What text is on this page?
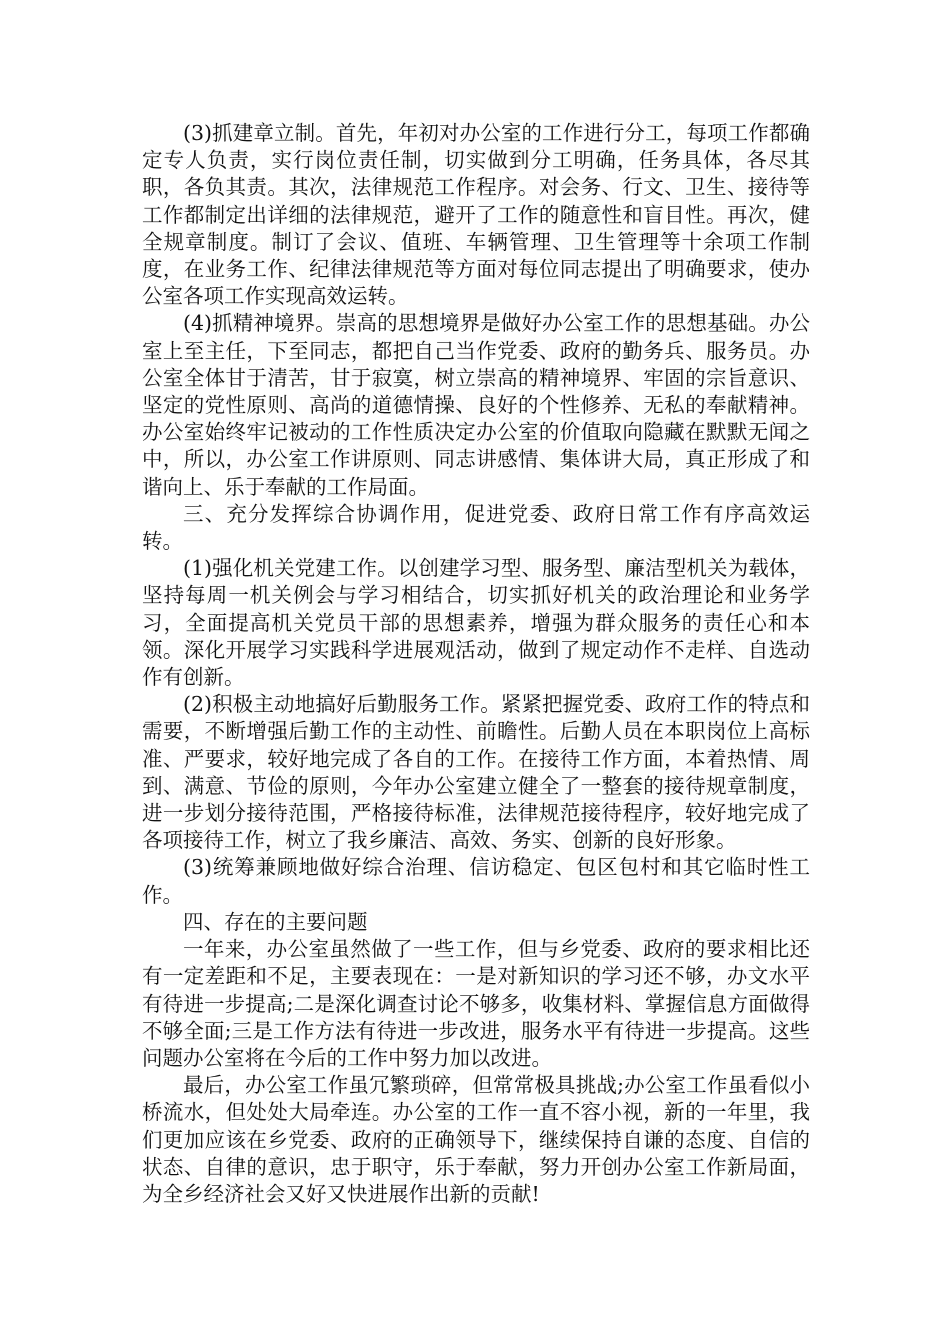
(3)抓建章立制。首先，年初对办公室的工作进行分工，每项工作都确定专人负责，实行岗位责任制，切实做到分工明确，任务具体，各尽其职，各负其责。其次，法律规范工作程序。对会务、行文、卫生、接待等工作都制定出详细的法律规范，避开了工作的随意性和盲目性。再次，健全规章制度。制订了会议、值班、车辆管理、卫生管理等十余项工作制度，在业务工作、纪律法律规范等方面对每位同志提出了明确要求，使办公室各项工作实现高效运转。

(4)抓精神境界。崇高的思想境界是做好办公室工作的思想基础。办公室上至主任，下至同志，都把自己当作党委、政府的勤务兵、服务员。办公室全体甘于清苦，甘于寂寞，树立崇高的精神境界、牢固的宗旨意识、坚定的党性原则、高尚的道德情操、良好的个性修养、无私的奉献精神。办公室始终牢记被动的工作性质决定办公室的价值取向隐藏在默默无闻之中，所以，办公室工作讲原则、同志讲感情、集体讲大局，真正形成了和谐向上、乐于奉献的工作局面。

三、充分发挥综合协调作用，促进党委、政府日常工作有序高效运转。

(1)强化机关党建工作。以创建学习型、服务型、廉洁型机关为载体，坚持每周一机关例会与学习相结合，切实抓好机关的政治理论和业务学习，全面提高机关党员干部的思想素养，增强为群众服务的责任心和本领。深化开展学习实践科学进展观活动，做到了规定动作不走样、自选动作有创新。

(2)积极主动地搞好后勤服务工作。紧紧把握党委、政府工作的特点和需要，不断增强后勤工作的主动性、前瞻性。后勤人员在本职岗位上高标准、严要求，较好地完成了各自的工作。在接待工作方面，本着热情、周到、满意、节俭的原则，今年办公室建立健全了一整套的接待规章制度，进一步划分接待范围，严格接待标准，法律规范接待程序，较好地完成了各项接待工作，树立了我乡廉洁、高效、务实、创新的良好形象。

(3)统筹兼顾地做好综合治理、信访稳定、包区包村和其它临时性工作。

四、存在的主要问题

一年来，办公室虽然做了一些工作，但与乡党委、政府的要求相比还有一定差距和不足，主要表现在：一是对新知识的学习还不够，办文水平有待进一步提高;二是深化调查讨论不够多，收集材料、掌握信息方面做得不够全面;三是工作方法有待进一步改进，服务水平有待进一步提高。这些问题办公室将在今后的工作中努力加以改进。

最后，办公室工作虽冗繁琐碎，但常常极具挑战;办公室工作虽看似小桥流水，但处处大局牵连。办公室的工作一直不容小视，新的一年里，我们更加应该在乡党委、政府的正确领导下，继续保持自谦的态度、自信的状态、自律的意识，忠于职守，乐于奉献，努力开创办公室工作新局面，为全乡经济社会又好又快进展作出新的贡献!
